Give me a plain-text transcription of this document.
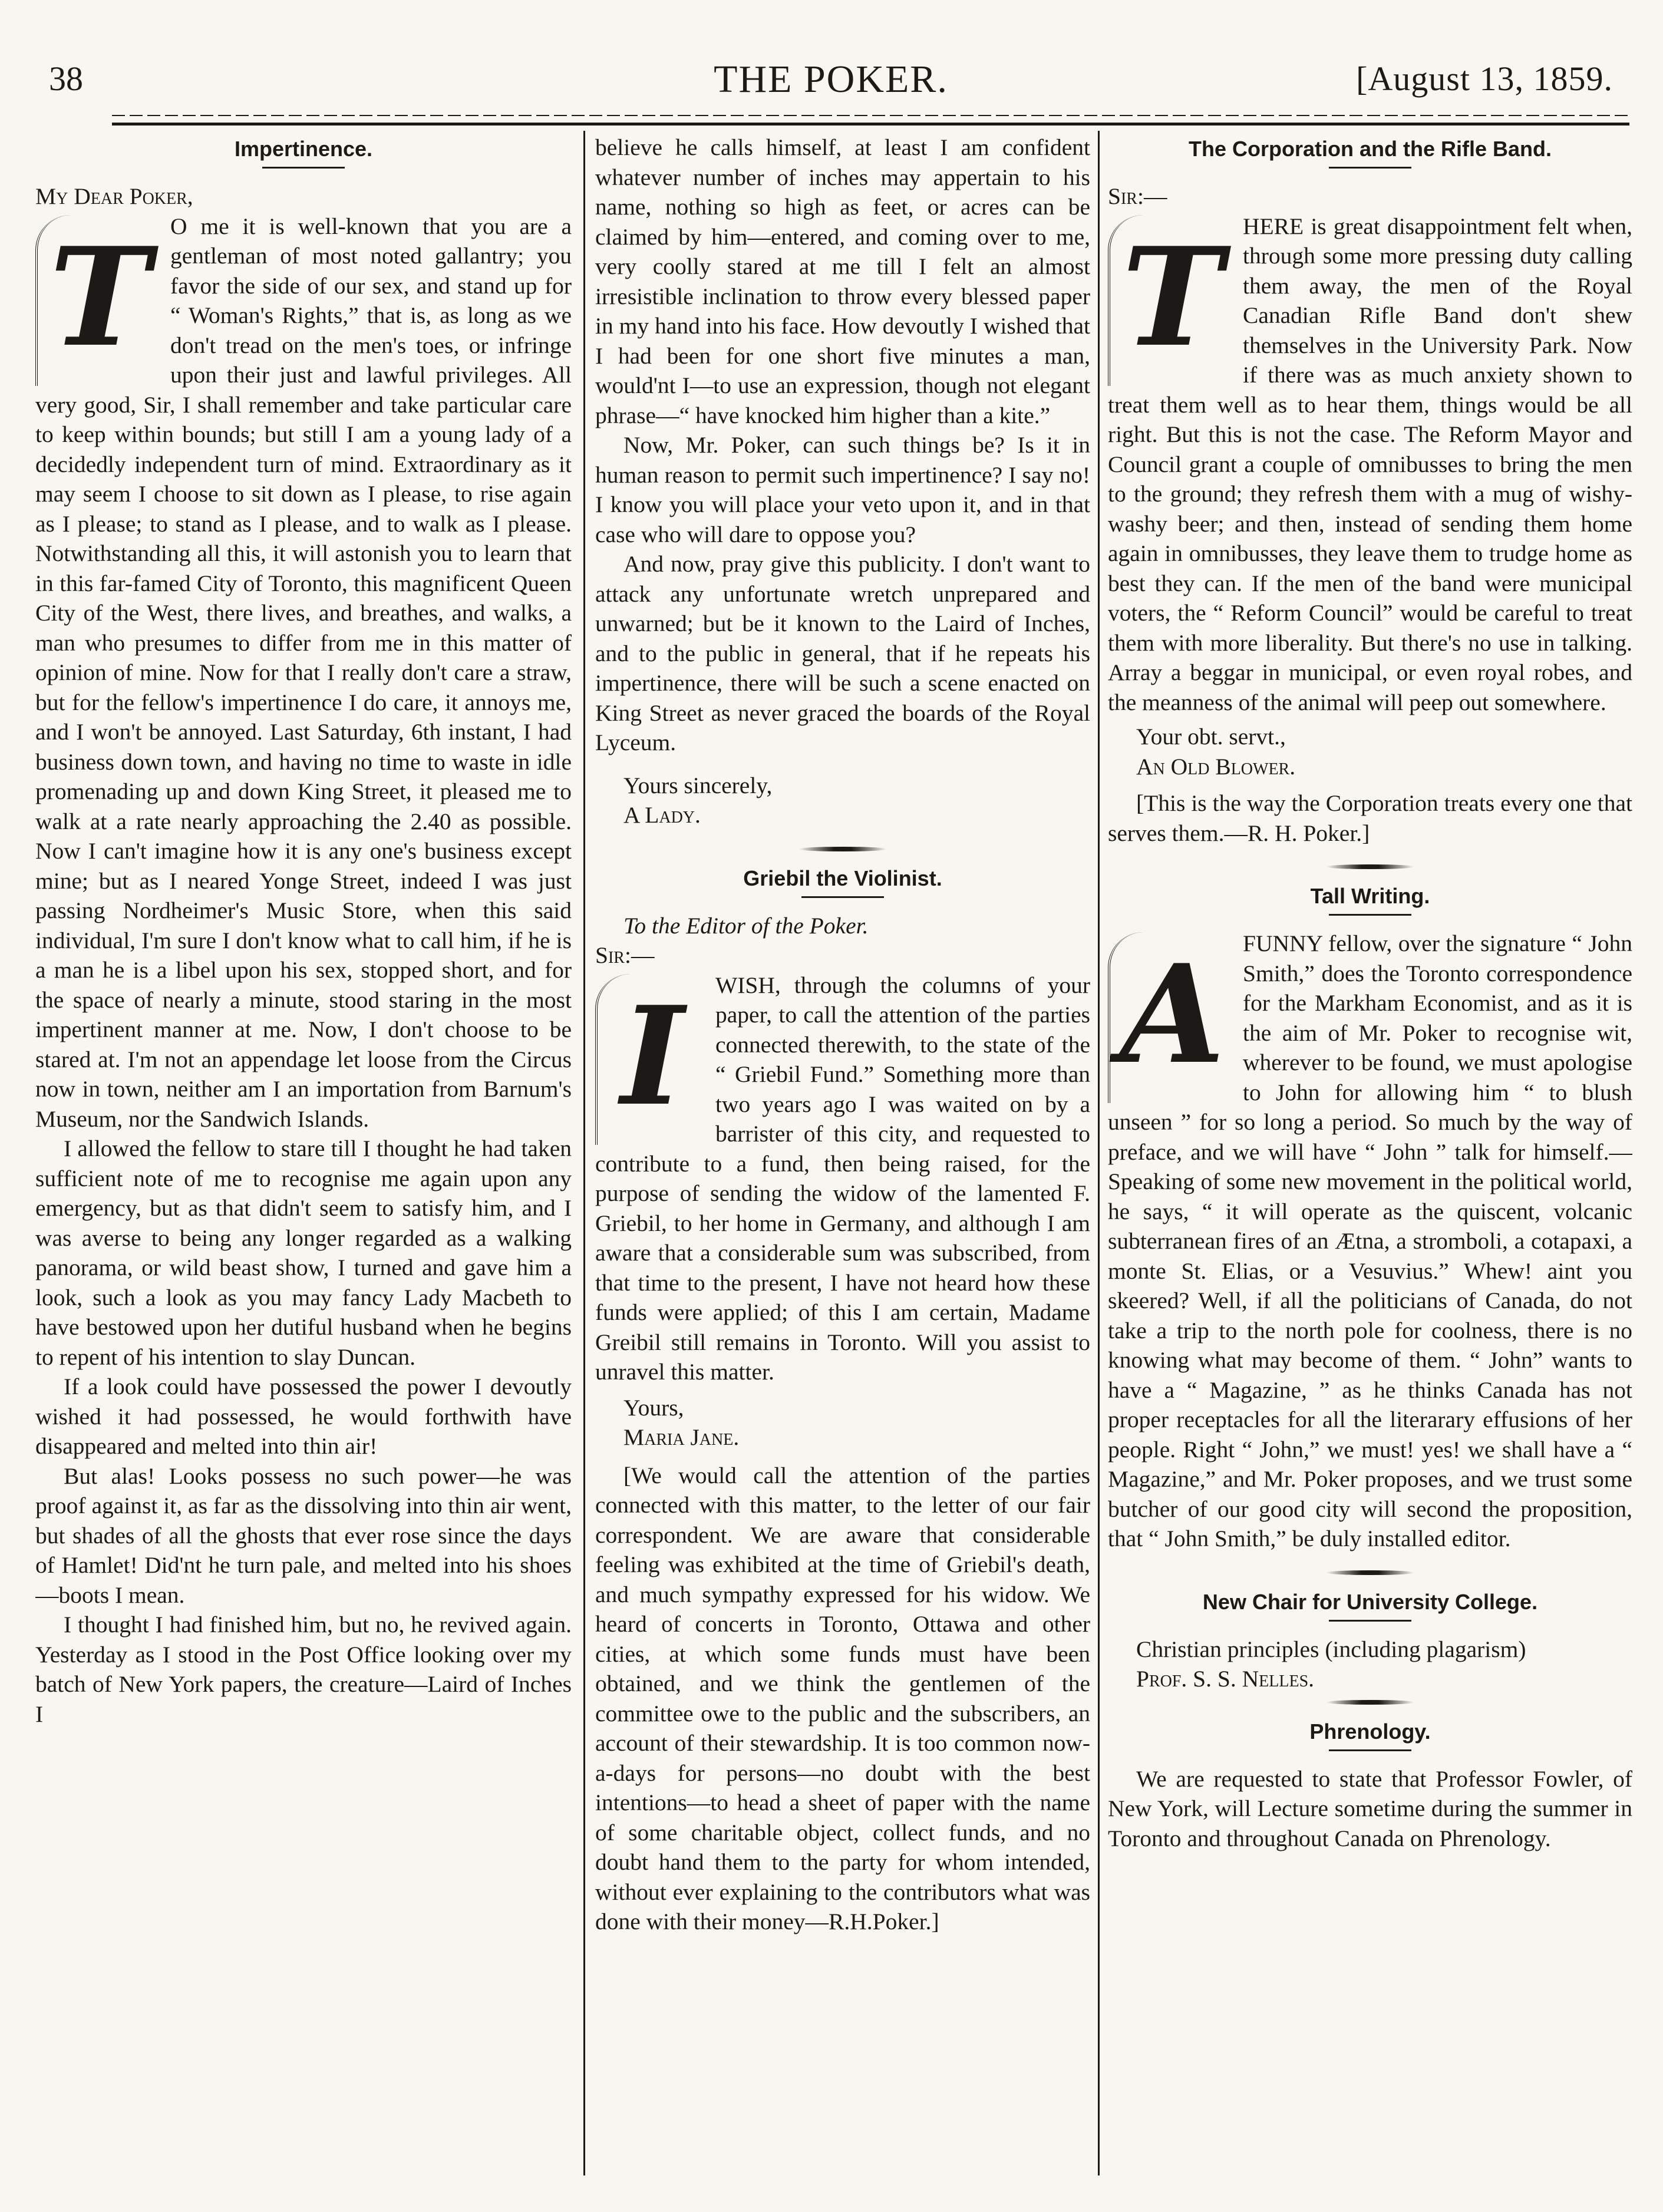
38	THE POKER.	[August 13, 1859.
Impertinence.

My Dear Poker,

T O me it is well-known that you are a gentleman of most noted gallantry; you favor the side of our sex, and stand up for “ Woman's Rights,” that is, as long as we don't tread on the men's toes, or infringe upon their just and lawful privileges. All very good, Sir, I shall remember and take particular care to keep within bounds; but still I am a young lady of a decidedly independent turn of mind. Extraordinary as it may seem I choose to sit down as I please, to rise again as I please; to stand as I please, and to walk as I please. Notwithstanding all this, it will astonish you to learn that in this far-famed City of Toronto, this magnificent Queen City of the West, there lives, and breathes, and walks, a man who presumes to differ from me in this matter of opinion of mine. Now for that I really don't care a straw, but for the fellow's impertinence I do care, it annoys me, and I won't be annoyed. Last Saturday, 6th instant, I had business down town, and having no time to waste in idle promenading up and down King Street, it pleased me to walk at a rate nearly approaching the 2.40 as possible. Now I can't imagine how it is any one's business except mine; but as I neared Yonge Street, indeed I was just passing Nordheimer's Music Store, when this said individual, I'm sure I don't know what to call him, if he is a man he is a libel upon his sex, stopped short, and for the space of nearly a minute, stood staring in the most impertinent manner at me. Now, I don't choose to be stared at. I'm not an appendage let loose from the Circus now in town, neither am I an importation from Barnum's Museum, nor the Sandwich Islands.

I allowed the fellow to stare till I thought he had taken sufficient note of me to recognise me again upon any emergency, but as that didn't seem to satisfy him, and I was averse to being any longer regarded as a walking panorama, or wild beast show, I turned and gave him a look, such a look as you may fancy Lady Macbeth to have bestowed upon her dutiful husband when he begins to repent of his intention to slay Duncan.

If a look could have possessed the power I devoutly wished it had possessed, he would forthwith have disappeared and melted into thin air!

But alas! Looks possess no such power—he was proof against it, as far as the dissolving into thin air went, but shades of all the ghosts that ever rose since the days of Hamlet! Did'nt he turn pale, and melted into his shoes—boots I mean.

I thought I had finished him, but no, he revived again. Yesterday as I stood in the Post Office looking over my batch of New York papers, the creature—Laird of Inches I

believe he calls himself, at least I am confident whatever number of inches may appertain to his name, nothing so high as feet, or acres can be claimed by him—entered, and coming over to me, very coolly stared at me till I felt an almost irresistible inclination to throw every blessed paper in my hand into his face. How devoutly I wished that I had been for one short five minutes a man, would'nt I—to use an expression, though not elegant phrase—“ have knocked him higher than a kite.”

Now, Mr. Poker, can such things be? Is it in human reason to permit such impertinence? I say no! I know you will place your veto upon it, and in that case who will dare to oppose you?

And now, pray give this publicity. I don't want to attack any unfortunate wretch unprepared and unwarned; but be it known to the Laird of Inches, and to the public in general, that if he repeats his impertinence, there will be such a scene enacted on King Street as never graced the boards of the Royal Lyceum.

Yours sincerely,

A Lady.

Griebil the Violinist.

To the Editor of the Poker.

Sir:—

I	WISH, through the columns of your paper, to call the attention of the parties connected therewith, to the state of the “ Griebil Fund.” Something more than two years ago I was waited on by a barrister of this city, and requested to contribute to a fund, then being raised, for the purpose of sending the widow of the lamented F. Griebil, to her home in Germany, and although I am aware that a considerable sum was subscribed, from that time to the present, I have not heard how these funds were applied; of this I am certain, Madame Greibil still remains in Toronto. Will you assist to unravel this matter.

Yours,

Maria Jane.

[We would call the attention of the parties connected with this matter, to the letter of our fair correspondent. We are aware that considerable feeling was exhibited at the time of Griebil's death, and much sympathy expressed for his widow. We heard of concerts in Toronto, Ottawa and other cities, at which some funds must have been obtained, and we think the gentlemen of the committee owe to the public and the subscribers, an account of their stewardship. It is too common now-a-days for persons—no doubt with the best intentions—to head a sheet of paper with the name of some charitable object, collect funds, and no doubt hand them to the party for whom intended, without ever explaining to the contributors what was done with their money—R.H.Poker.]

The Corporation and the Rifle Band.

Sir:—

T HERE is great disappointment felt when, through some more pressing duty calling them away, the men of the Royal Canadian Rifle Band don't shew themselves in the University Park. Now if there was as much anxiety shown to treat them well as to hear them, things would be all right. But this is not the case. The Reform Mayor and Council grant a couple of omnibusses to bring the men to the ground; they refresh them with a mug of wishy-washy beer; and then, instead of sending them home again in omnibusses, they leave them to trudge home as best they can. If the men of the band were municipal voters, the “ Reform Council” would be careful to treat them with more liberality. But there's no use in talking. Array a beggar in municipal, or even royal robes, and the meanness of the animal will peep out somewhere.

Your obt. servt.,

An Old Blower.

[This is the way the Corporation treats every one that serves them.—R. H. Poker.]

Tall Writing.
A FUNNY fellow, over the signature “ John Smith,” does the Toronto correspondence for the Markham Economist, and as it is the aim of Mr. Poker to recognise wit, wherever to be found, we must apologise to John for allowing him “ to blush unseen ” for so long a period. So much by the way of preface, and we will have “ John ” talk for himself.—Speaking of some new movement in the political world, he says, “ it will operate as the quiscent, volcanic subterranean fires of an Ætna, a stromboli, a cotapaxi, a monte St. Elias, or a Vesuvius.” Whew! aint you skeered? Well, if all the politicians of Canada, do not take a trip to the north pole for coolness, there is no knowing what may become of them. “ John” wants to have a “ Magazine, ” as he thinks Canada has not proper receptacles for all the literarary effusions of her people. Right “ John,” we must! yes! we shall have a “ Magazine,” and Mr. Poker proposes, and we trust some butcher of our good city will second the proposition, that “ John Smith,” be duly installed editor.

New Chair for University College.

Christian principles (including plagarism)

Prof. S. S. Nelles.

Phrenology.

We are requested to state that Professor Fowler, of New York, will Lecture sometime during the summer in Toronto and throughout Canada on Phrenology.
